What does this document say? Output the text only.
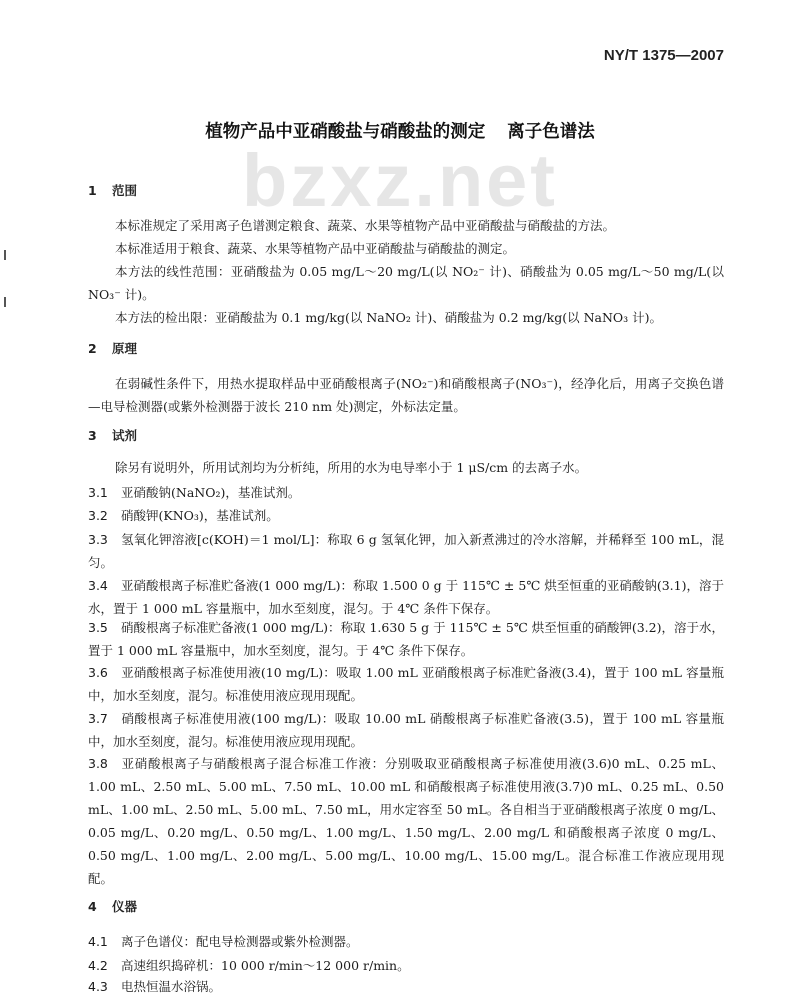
NY/T 1375—2007
bzxz.net
植物产品中亚硝酸盐与硝酸盐的测定 离子色谱法
1 范围
本标准规定了采用离子色谱测定粮食、蔬菜、水果等植物产品中亚硝酸盐与硝酸盐的方法。
本标准适用于粮食、蔬菜、水果等植物产品中亚硝酸盐与硝酸盐的测定。
本方法的线性范围：亚硝酸盐为 0.05 mg/L～20 mg/L(以 NO₂⁻ 计)、硝酸盐为 0.05 mg/L～50 mg/L(以 NO₃⁻ 计)。
本方法的检出限：亚硝酸盐为 0.1 mg/kg(以 NaNO₂ 计)、硝酸盐为 0.2 mg/kg(以 NaNO₃ 计)。
2 原理
在弱碱性条件下，用热水提取样品中亚硝酸根离子(NO₂⁻)和硝酸根离子(NO₃⁻)，经净化后，用离子交换色谱—电导检测器(或紫外检测器于波长 210 nm 处)测定，外标法定量。
3 试剂
除另有说明外，所用试剂均为分析纯，所用的水为电导率小于 1 μS/cm 的去离子水。
3.1 亚硝酸钠(NaNO₂)，基准试剂。
3.2 硝酸钾(KNO₃)，基准试剂。
3.3 氢氧化钾溶液[c(KOH)＝1 mol/L]：称取 6 g 氢氧化钾，加入新煮沸过的冷水溶解，并稀释至 100 mL，混匀。
3.4 亚硝酸根离子标准贮备液(1 000 mg/L)：称取 1.500 0 g 于 115℃ ± 5℃ 烘至恒重的亚硝酸钠(3.1)，溶于水，置于 1 000 mL 容量瓶中，加水至刻度，混匀。于 4℃ 条件下保存。
3.5 硝酸根离子标准贮备液(1 000 mg/L)：称取 1.630 5 g 于 115℃ ± 5℃ 烘至恒重的硝酸钾(3.2)，溶于水，置于 1 000 mL 容量瓶中，加水至刻度，混匀。于 4℃ 条件下保存。
3.6 亚硝酸根离子标准使用液(10 mg/L)：吸取 1.00 mL 亚硝酸根离子标准贮备液(3.4)，置于 100 mL 容量瓶中，加水至刻度，混匀。标准使用液应现用现配。
3.7 硝酸根离子标准使用液(100 mg/L)：吸取 10.00 mL 硝酸根离子标准贮备液(3.5)，置于 100 mL 容量瓶中，加水至刻度，混匀。标准使用液应现用现配。
3.8 亚硝酸根离子与硝酸根离子混合标准工作液：分别吸取亚硝酸根离子标准使用液(3.6)0 mL、0.25 mL、1.00 mL、2.50 mL、5.00 mL、7.50 mL、10.00 mL 和硝酸根离子标准使用液(3.7)0 mL、0.25 mL、0.50 mL、1.00 mL、2.50 mL、5.00 mL、7.50 mL，用水定容至 50 mL。各自相当于亚硝酸根离子浓度 0 mg/L、0.05 mg/L、0.20 mg/L、0.50 mg/L、1.00 mg/L、1.50 mg/L、2.00 mg/L 和硝酸根离子浓度 0 mg/L、0.50 mg/L、1.00 mg/L、2.00 mg/L、5.00 mg/L、10.00 mg/L、15.00 mg/L。混合标准工作液应现用现配。
4 仪器
4.1 离子色谱仪：配电导检测器或紫外检测器。
4.2 高速组织捣碎机：10 000 r/min～12 000 r/min。
4.3 电热恒温水浴锅。
